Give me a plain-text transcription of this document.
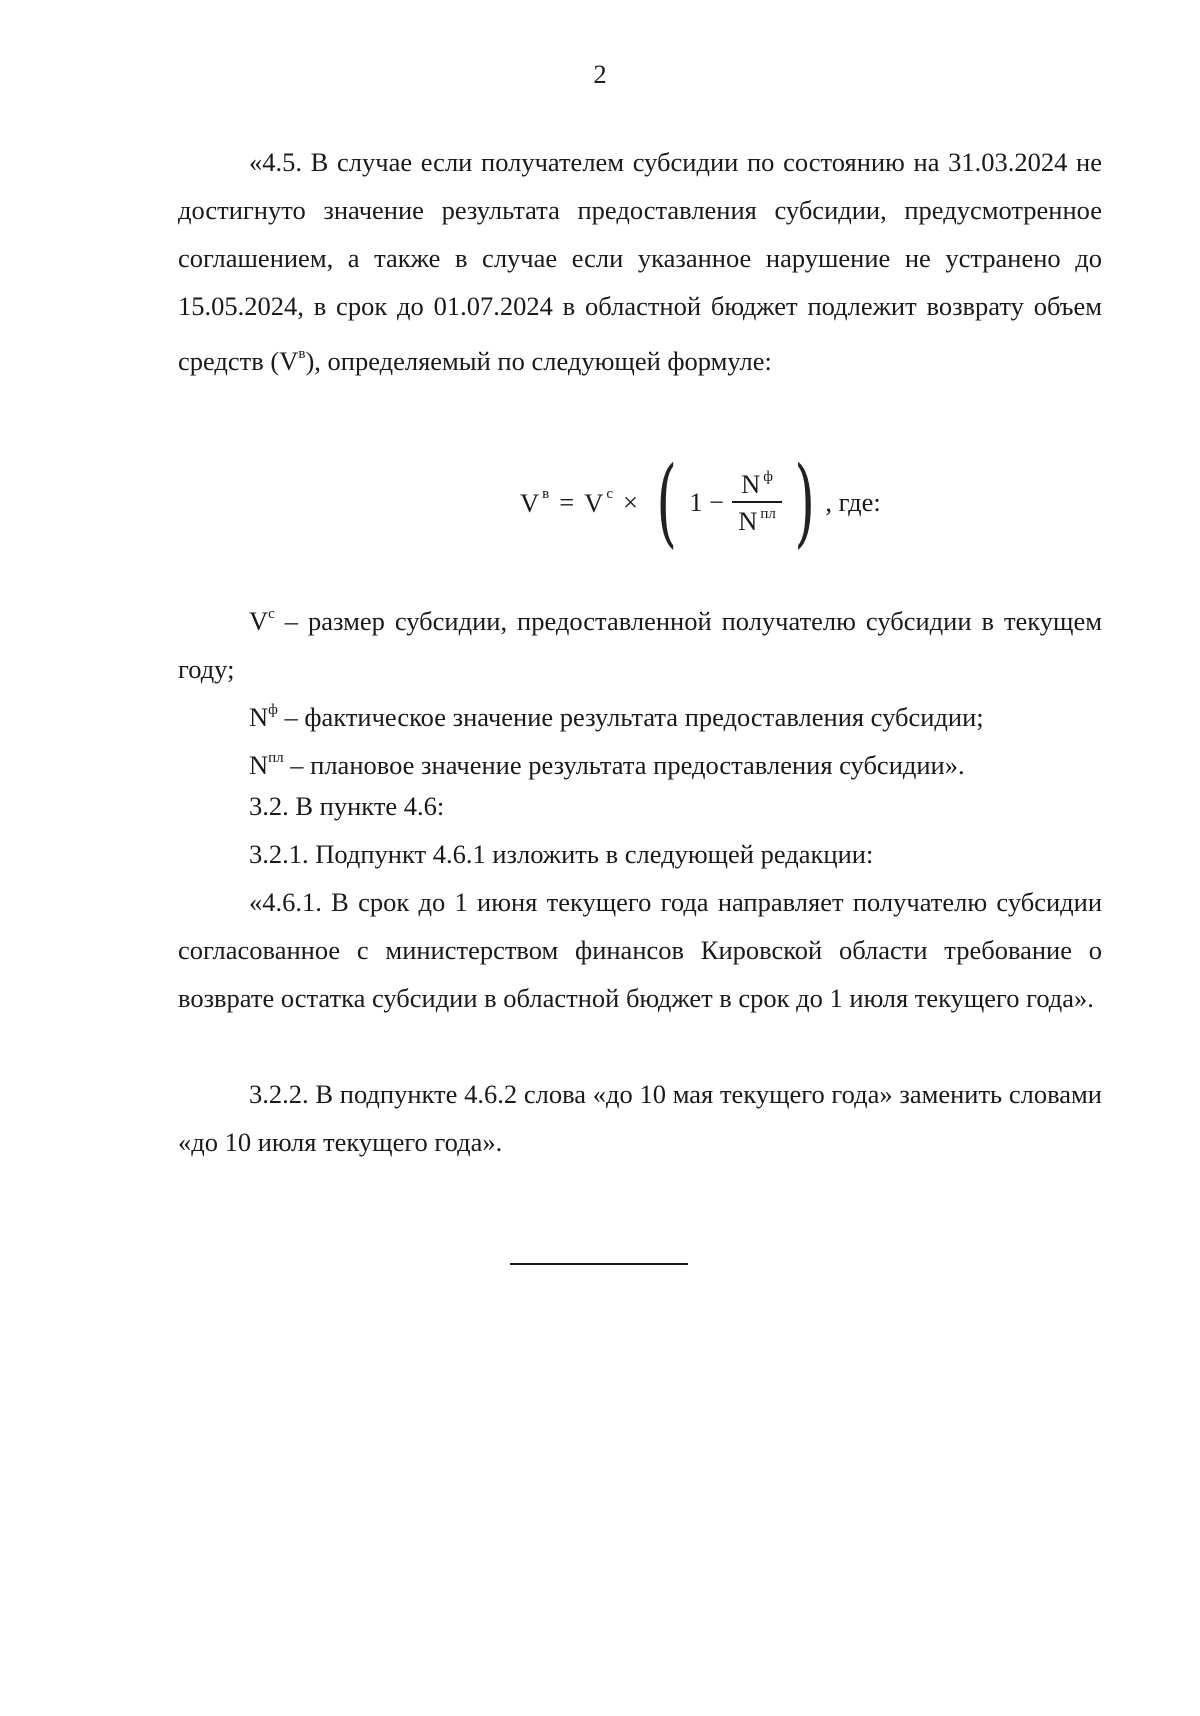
2

«4.5. В случае если получателем субсидии по состоянию на 31.03.2024 не достигнуто значение результата предоставления субсидии, предусмотренное соглашением, а также в случае если указанное нарушение не устранено до 15.05.2024, в срок до 01.07.2024 в областной бюджет подлежит возврату объем средств $(V^в)$, определяемый по следующей формуле:

V $^в$ = V $^с$ × ( $1 - \frac{N ^ф}{N ^{пл}}$ ) , где:

$V^с$ – размер субсидии, предоставленной получателю субсидии в текущем году;

$N^ф$ – фактическое значение результата предоставления субсидии;

$N^{пл}$ – плановое значение результата предоставления субсидии».

3.2. В пункте 4.6:

3.2.1. Подпункт 4.6.1 изложить в следующей редакции:

«4.6.1. В срок до 1 июня текущего года направляет получателю субсидии согласованное с министерством финансов Кировской области требование о возврате остатка субсидии в областной бюджет в срок до 1 июля текущего года».

3.2.2. В подпункте 4.6.2 слова «до 10 мая текущего года» заменить словами «до 10 июля текущего года».
